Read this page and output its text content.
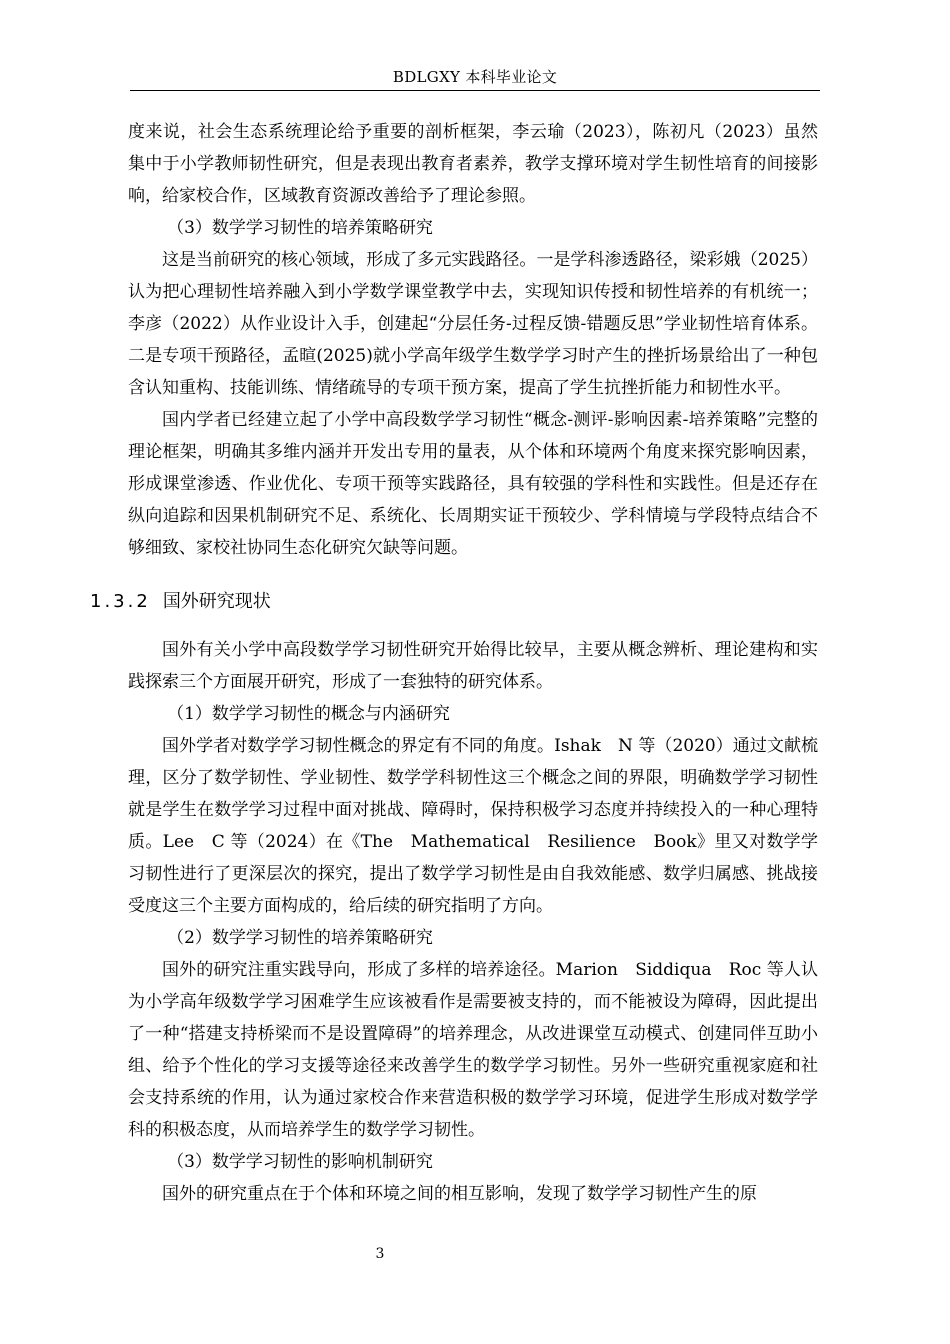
BDLGXY 本科毕业论文

度来说，社会生态系统理论给予重要的剖析框架，李云瑜（2023），陈初凡（2023）虽然集中于小学教师韧性研究，但是表现出教育者素养，教学支撑环境对学生韧性培育的间接影响，给家校合作，区域教育资源改善给予了理论参照。

（3）数学学习韧性的培养策略研究

这是当前研究的核心领域，形成了多元实践路径。一是学科渗透路径，梁彩娥（2025）认为把心理韧性培养融入到小学数学课堂教学中去，实现知识传授和韧性培养的有机统一；李彦（2022）从作业设计入手，创建起“分层任务-过程反馈-错题反思”学业韧性培育体系。二是专项干预路径，孟暄(2025)就小学高年级学生数学学习时产生的挫折场景给出了一种包含认知重构、技能训练、情绪疏导的专项干预方案，提高了学生抗挫折能力和韧性水平。

国内学者已经建立起了小学中高段数学学习韧性“概念-测评-影响因素-培养策略”完整的理论框架，明确其多维内涵并开发出专用的量表，从个体和环境两个角度来探究影响因素，形成课堂渗透、作业优化、专项干预等实践路径，具有较强的学科性和实践性。但是还存在纵向追踪和因果机制研究不足、系统化、长周期实证干预较少、学科情境与学段特点结合不够细致、家校社协同生态化研究欠缺等问题。

1.3.2 国外研究现状

国外有关小学中高段数学学习韧性研究开始得比较早，主要从概念辨析、理论建构和实践探索三个方面展开研究，形成了一套独特的研究体系。

（1）数学学习韧性的概念与内涵研究

国外学者对数学学习韧性概念的界定有不同的角度。Ishak　N 等（2020）通过文献梳理，区分了数学韧性、学业韧性、数学学科韧性这三个概念之间的界限，明确数学学习韧性就是学生在数学学习过程中面对挑战、障碍时，保持积极学习态度并持续投入的一种心理特质。Lee　C 等（2024）在《The　Mathematical　Resilience　Book》里又对数学学习韧性进行了更深层次的探究，提出了数学学习韧性是由自我效能感、数学归属感、挑战接受度这三个主要方面构成的，给后续的研究指明了方向。

（2）数学学习韧性的培养策略研究

国外的研究注重实践导向，形成了多样的培养途径。Marion　Siddiqua　Roc 等人认为小学高年级数学学习困难学生应该被看作是需要被支持的，而不能被设为障碍，因此提出了一种“搭建支持桥梁而不是设置障碍”的培养理念，从改进课堂互动模式、创建同伴互助小组、给予个性化的学习支援等途径来改善学生的数学学习韧性。另外一些研究重视家庭和社会支持系统的作用，认为通过家校合作来营造积极的数学学习环境，促进学生形成对数学学科的积极态度，从而培养学生的数学学习韧性。

（3）数学学习韧性的影响机制研究

国外的研究重点在于个体和环境之间的相互影响，发现了数学学习韧性产生的原

3
